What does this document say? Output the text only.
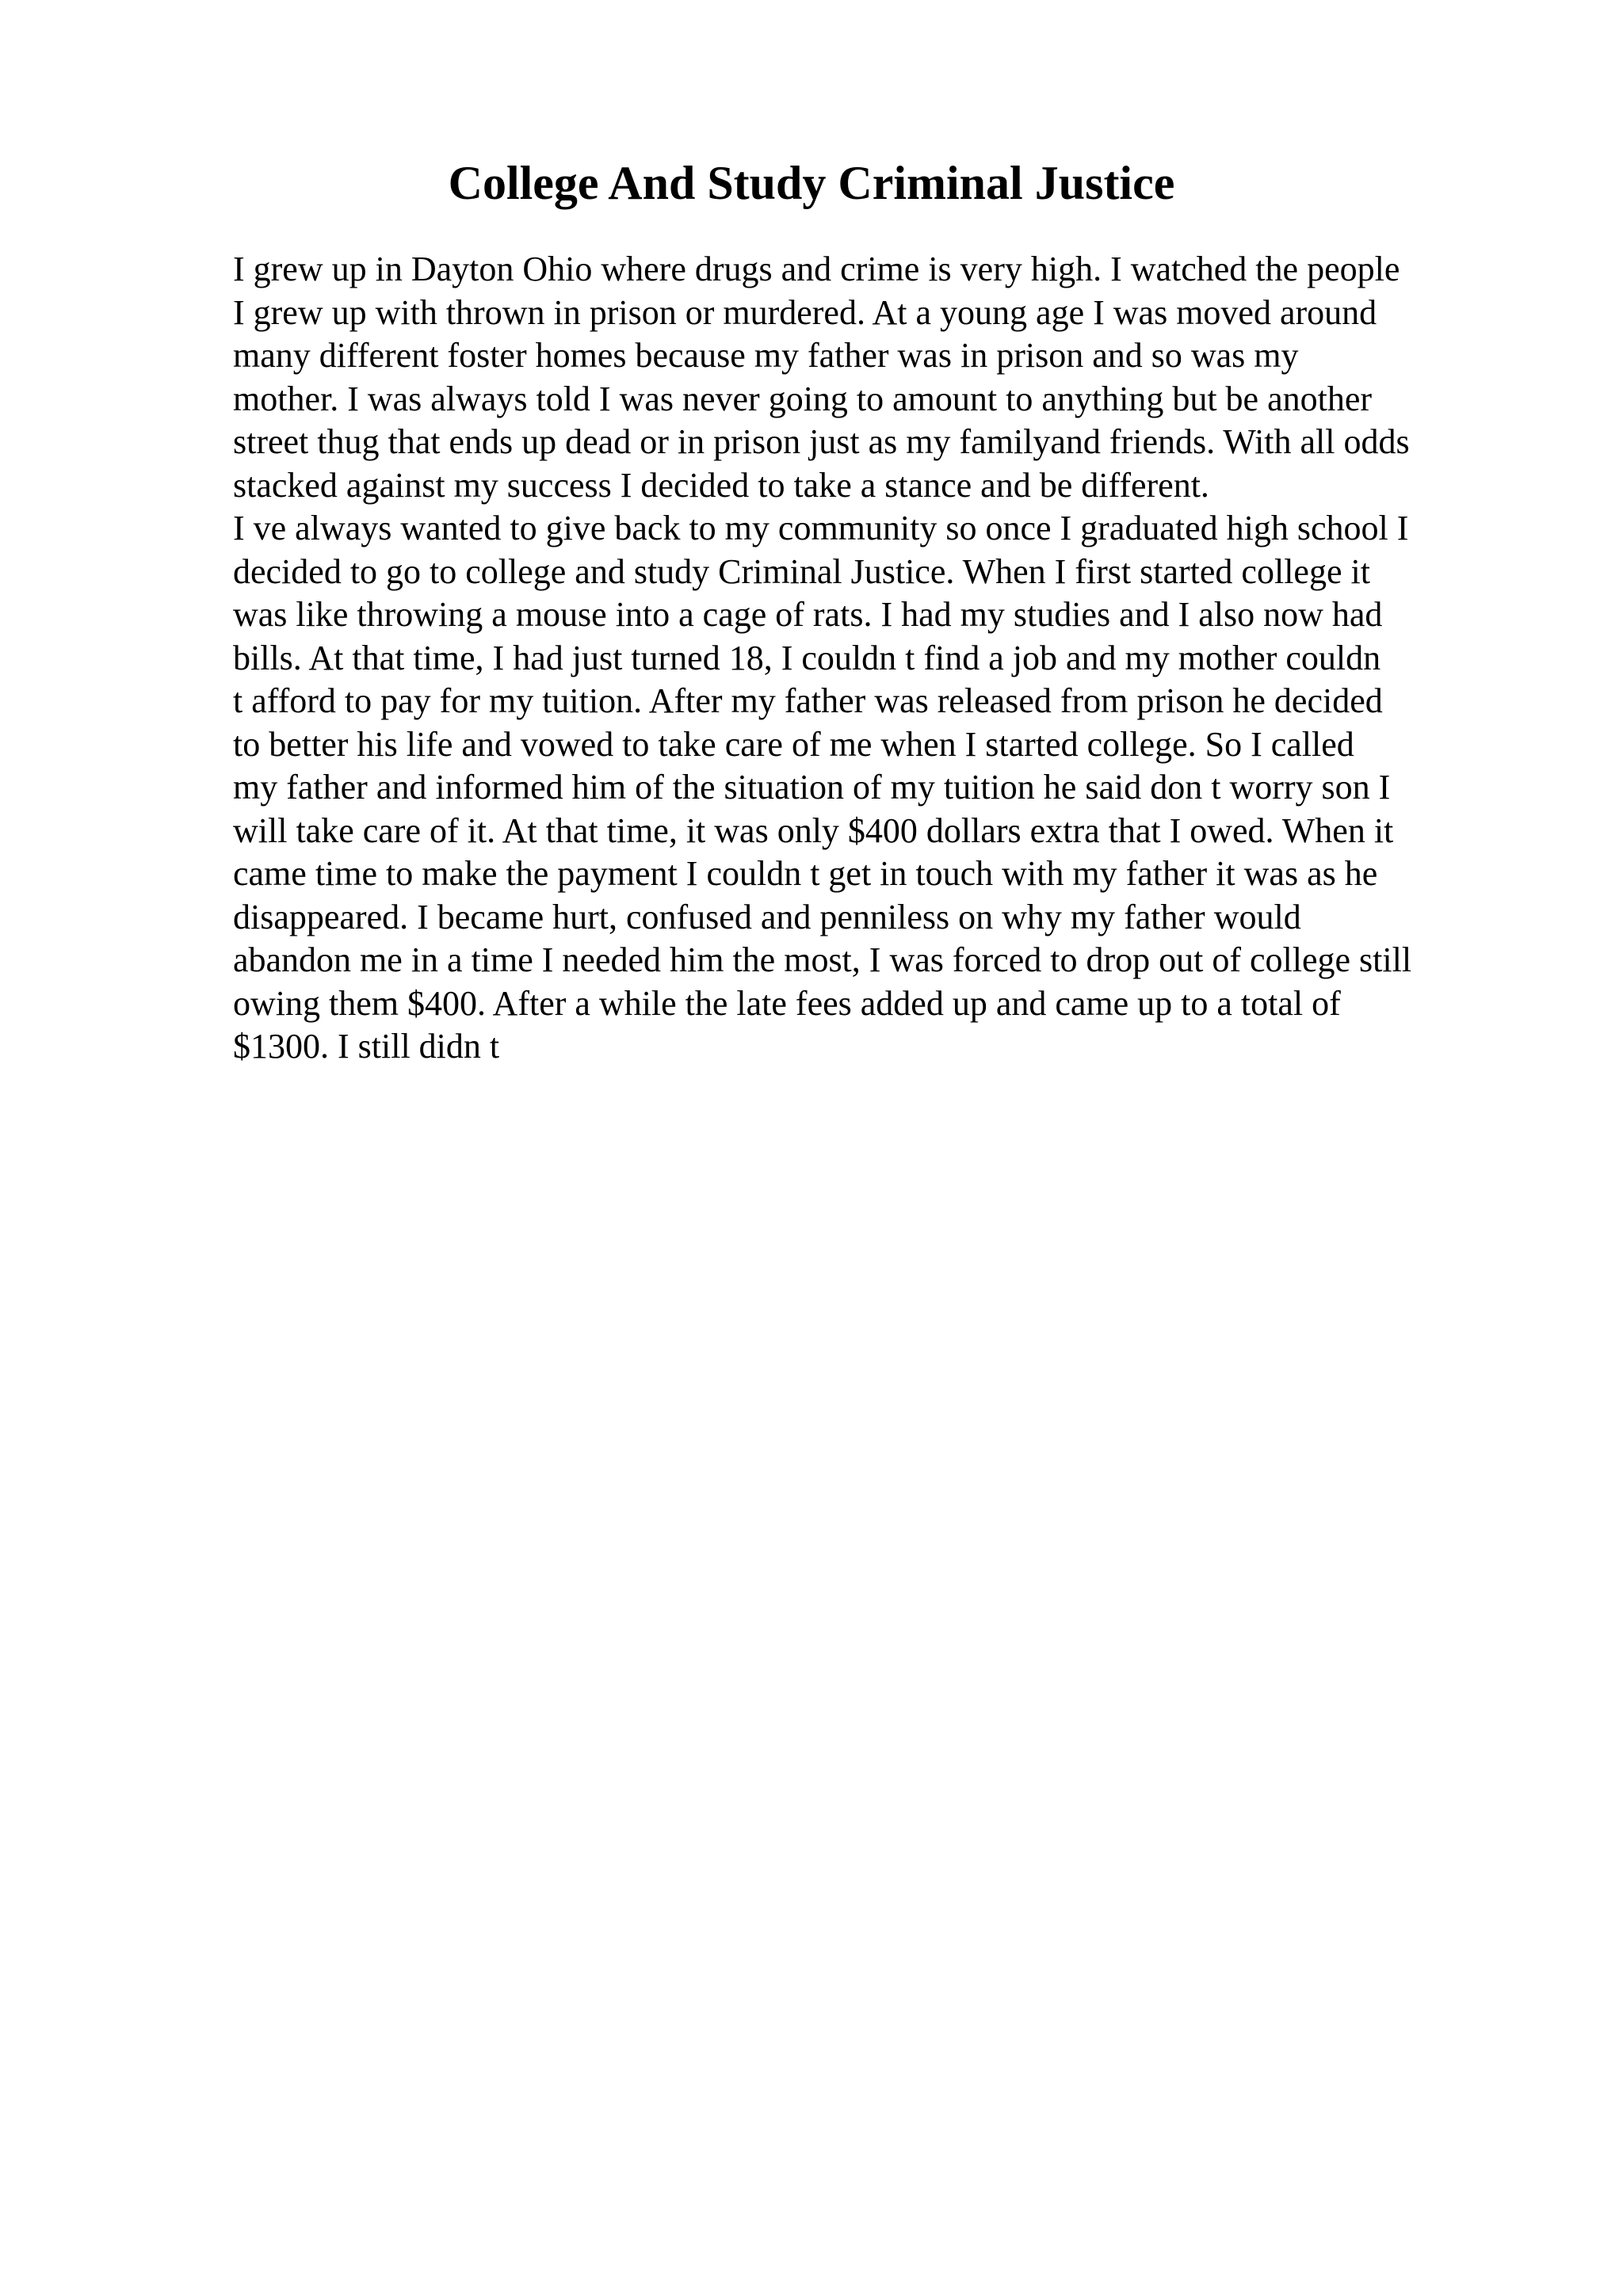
College And Study Criminal Justice
I grew up in Dayton Ohio where drugs and crime is very high. I watched the people
I grew up with thrown in prison or murdered. At a young age I was moved around
many different foster homes because my father was in prison and so was my
mother. I was always told I was never going to amount to anything but be another
street thug that ends up dead or in prison just as my familyand friends. With all odds
stacked against my success I decided to take a stance and be different.
I ve always wanted to give back to my community so once I graduated high school I
decided to go to college and study Criminal Justice. When I first started college it
was like throwing a mouse into a cage of rats. I had my studies and I also now had
bills. At that time, I had just turned 18, I couldn t find a job and my mother couldn
t afford to pay for my tuition. After my father was released from prison he decided
to better his life and vowed to take care of me when I started college. So I called
my father and informed him of the situation of my tuition he said don t worry son I
will take care of it. At that time, it was only $400 dollars extra that I owed. When it
came time to make the payment I couldn t get in touch with my father it was as he
disappeared. I became hurt, confused and penniless on why my father would
abandon me in a time I needed him the most, I was forced to drop out of college still
owing them $400. After a while the late fees added up and came up to a total of
$1300. I still didn t
